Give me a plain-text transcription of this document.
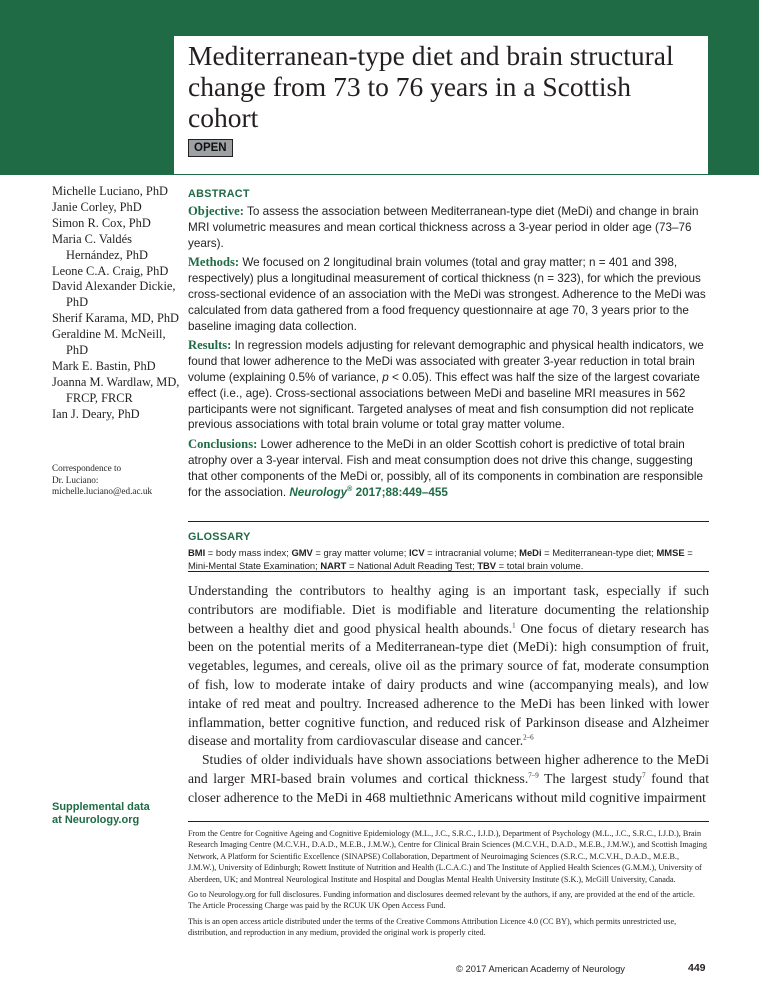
Mediterranean-type diet and brain structural change from 73 to 76 years in a Scottish cohort
OPEN
Michelle Luciano, PhD
Janie Corley, PhD
Simon R. Cox, PhD
Maria C. Valdés Hernández, PhD
Leone C.A. Craig, PhD
David Alexander Dickie, PhD
Sherif Karama, MD, PhD
Geraldine M. McNeill, PhD
Mark E. Bastin, PhD
Joanna M. Wardlaw, MD, FRCP, FRCR
Ian J. Deary, PhD
Correspondence to
Dr. Luciano:
michelle.luciano@ed.ac.uk
Supplemental data
at Neurology.org
ABSTRACT

Objective: To assess the association between Mediterranean-type diet (MeDi) and change in brain MRI volumetric measures and mean cortical thickness across a 3-year period in older age (73–76 years).

Methods: We focused on 2 longitudinal brain volumes (total and gray matter; n = 401 and 398, respectively) plus a longitudinal measurement of cortical thickness (n = 323), for which the previous cross-sectional evidence of an association with the MeDi was strongest. Adherence to the MeDi was calculated from data gathered from a food frequency questionnaire at age 70, 3 years prior to the baseline imaging data collection.

Results: In regression models adjusting for relevant demographic and physical health indicators, we found that lower adherence to the MeDi was associated with greater 3-year reduction in total brain volume (explaining 0.5% of variance, p < 0.05). This effect was half the size of the largest covariate effect (i.e., age). Cross-sectional associations between MeDi and baseline MRI measures in 562 participants were not significant. Targeted analyses of meat and fish consumption did not replicate previous associations with total brain volume or total gray matter volume.

Conclusions: Lower adherence to the MeDi in an older Scottish cohort is predictive of total brain atrophy over a 3-year interval. Fish and meat consumption does not drive this change, suggesting that other components of the MeDi or, possibly, all of its components in combination are responsible for the association. Neurology® 2017;88:449–455

GLOSSARY
BMI = body mass index; GMV = gray matter volume; ICV = intracranial volume; MeDi = Mediterranean-type diet; MMSE = Mini-Mental State Examination; NART = National Adult Reading Test; TBV = total brain volume.

Understanding the contributors to healthy aging is an important task, especially if such contributors are modifiable. Diet is modifiable and literature documenting the relationship between a healthy diet and good physical health abounds.$^1$ One focus of dietary research has been on the potential merits of a Mediterranean-type diet (MeDi): high consumption of fruit, vegetables, legumes, and cereals, olive oil as the primary source of fat, moderate consumption of fish, low to moderate intake of dairy products and wine (accompanying meals), and low intake of red meat and poultry. Increased adherence to the MeDi has been linked with lower inflammation, better cognitive function, and reduced risk of Parkinson disease and Alzheimer disease and mortality from cardiovascular disease and cancer.$^{2-6}$

Studies of older individuals have shown associations between higher adherence to the MeDi and larger MRI-based brain volumes and cortical thickness.$^{7-9}$ The largest study$^7$ found that closer adherence to the MeDi in 468 multiethnic Americans without mild cognitive impairment

From the Centre for Cognitive Ageing and Cognitive Epidemiology (M.L., J.C., S.R.C., I.J.D.), Department of Psychology (M.L., J.C., S.R.C., I.J.D.), Brain Research Imaging Centre (M.C.V.H., D.A.D., M.E.B., J.M.W.), Centre for Clinical Brain Sciences (M.C.V.H., D.A.D., M.E.B., J.M.W.), and Scottish Imaging Network, A Platform for Scientific Excellence (SINAPSE) Collaboration, Department of Neuroimaging Sciences (S.R.C., M.C.V.H., D.A.D., M.E.B., J.M.W.), University of Edinburgh; Rowett Institute of Nutrition and Health (L.C.A.C.) and The Institute of Applied Health Sciences (G.M.M.), University of Aberdeen, UK; and Montreal Neurological Institute and Hospital and Douglas Mental Health University Institute (S.K.), McGill University, Canada.

Go to Neurology.org for full disclosures. Funding information and disclosures deemed relevant by the authors, if any, are provided at the end of the article. The Article Processing Charge was paid by the RCUK UK Open Access Fund.

This is an open access article distributed under the terms of the Creative Commons Attribution Licence 4.0 (CC BY), which permits unrestricted use, distribution, and reproduction in any medium, provided the original work is properly cited.

© 2017 American Academy of Neurology	449
